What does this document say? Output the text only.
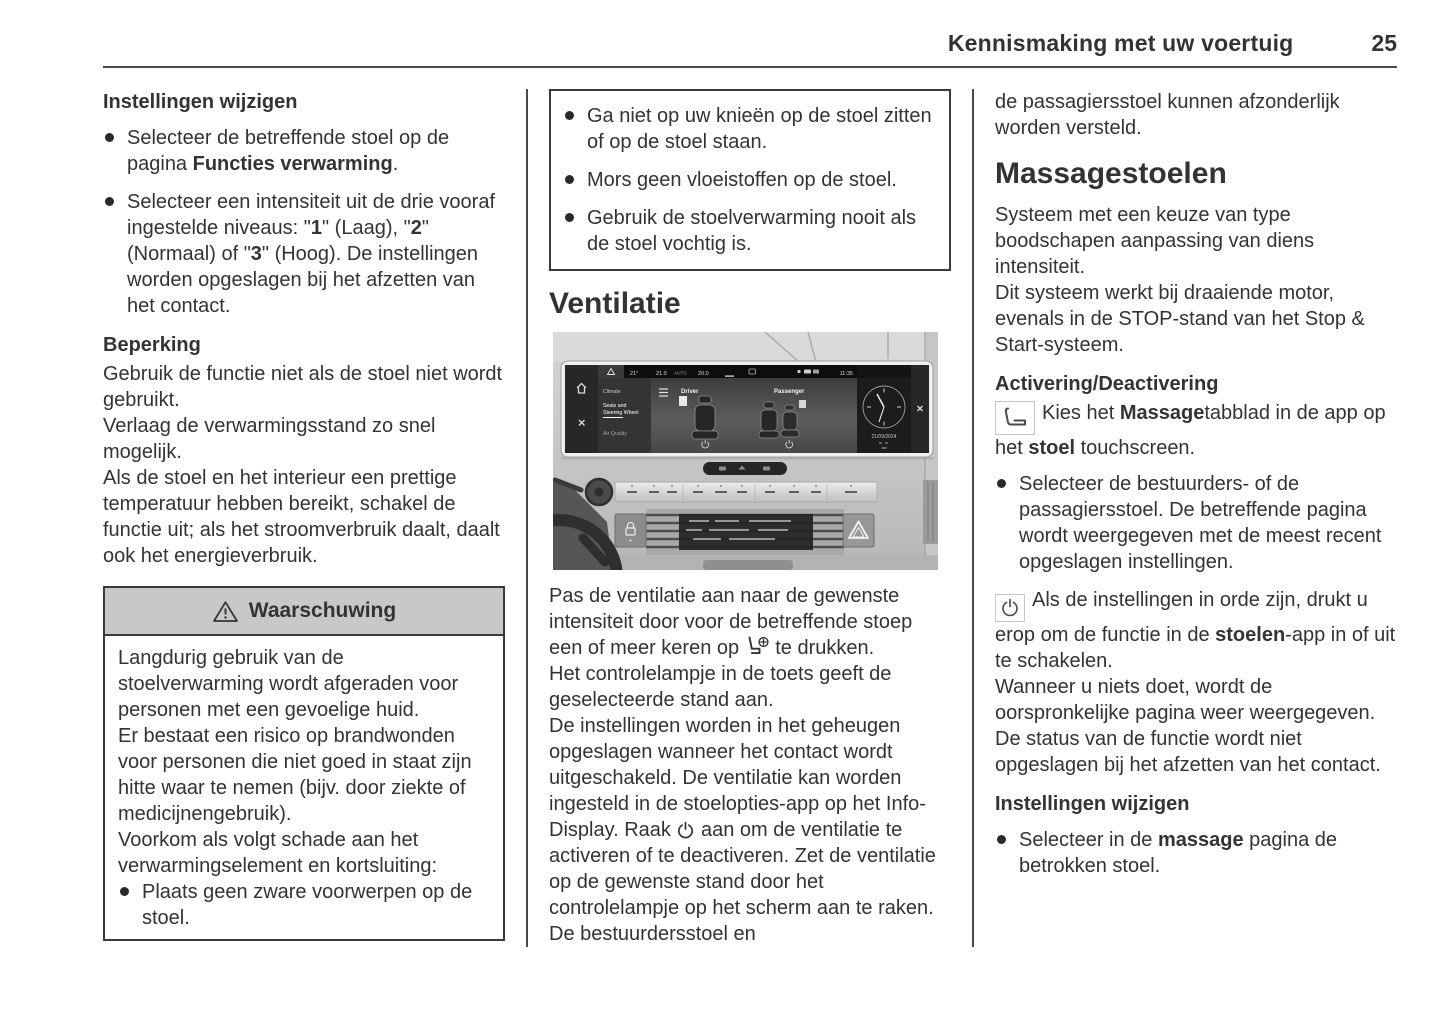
Kennismaking met uw voertuig	25
Instellingen wijzigen
Selecteer de betreffende stoel op de pagina Functies verwarming.
Selecteer een intensiteit uit de drie vooraf ingestelde niveaus: "1" (Laag), "2" (Normaal) of "3" (Hoog). De instellingen worden opgeslagen bij het afzetten van het contact.
Beperking

Gebruik de functie niet als de stoel niet wordt gebruikt.

Verlaag de verwarmingsstand zo snel mogelijk.

Als de stoel en het interieur een prettige temperatuur hebben bereikt, schakel de functie uit; als het stroomverbruik daalt, daalt ook het energieverbruik.

Waarschuwing

Langdurig gebruik van de stoelverwarming wordt afgeraden voor personen met een gevoelige huid.

Er bestaat een risico op brandwonden voor personen die niet goed in staat zijn hitte waar te nemen (bijv. door ziekte of medicijnengebruik).

Voorkom als volgt schade aan het verwarmingselement en kortsluiting:

Plaats geen zware voorwerpen op de stoel.
Ga niet op uw knieën op de stoel zitten of op de stoel staan.
Mors geen vloeistoffen op de stoel.
Gebruik de stoelverwarming nooit als de stoel vochtig is.
Ventilatie
21°	21.0 AUTO 20.0	11:35
Climate
Seats and
Steering Wheel
Air Quality
Driver	Passenger
21/09/2024

Pas de ventilatie aan naar de gewenste intensiteit door voor de betreffende stoep een of meer keren op  te drukken.

Het controlelampje in de toets geeft de geselecteerde stand aan.

De instellingen worden in het geheugen opgeslagen wanneer het contact wordt uitgeschakeld. De ventilatie kan worden ingesteld in de stoelopties-app op het Info-Display. Raak  aan om de ventilatie te activeren of te deactiveren. Zet de ventilatie op de gewenste stand door het controlelampje op het scherm aan te raken. De bestuurdersstoel en

de passagiersstoel kunnen afzonderlijk worden versteld.

Massagestoelen

Systeem met een keuze van type boodschapen aanpassing van diens intensiteit.

Dit systeem werkt bij draaiende motor, evenals in de STOP-stand van het Stop & Start-systeem.

Activering/Deactivering

Kies het Massagetabblad in de app op het stoel touchscreen.

Selecteer de bestuurders- of de passagiersstoel. De betreffende pagina wordt weergegeven met de meest recent opgeslagen instellingen.

Als de instellingen in orde zijn, drukt u erop om de functie in de stoelen-app in of uit te schakelen.

Wanneer u niets doet, wordt de oorspronkelijke pagina weer weergegeven.

De status van de functie wordt niet opgeslagen bij het afzetten van het contact.

Instellingen wijzigen
Selecteer in de massage pagina de betrokken stoel.
